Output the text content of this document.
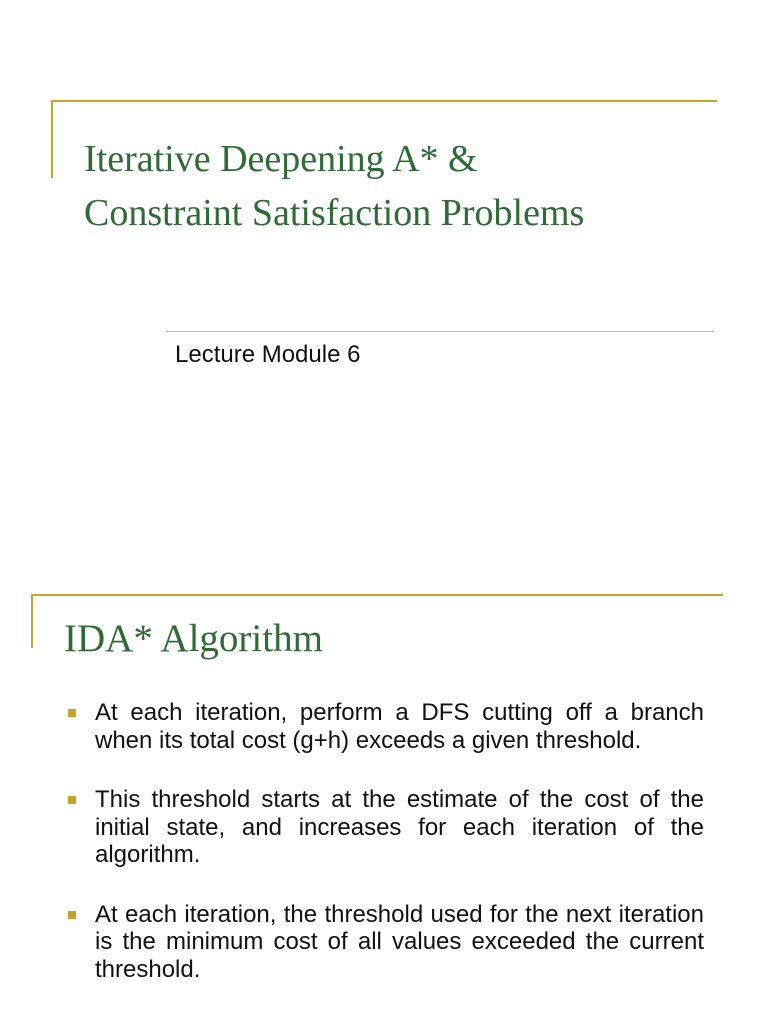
Iterative Deepening A* &
Constraint Satisfaction Problems

Lecture Module 6

IDA* Algorithm
At each iteration, perform a DFS cutting off a branch when its total cost (g+h) exceeds a given threshold.
This threshold starts at the estimate of the cost of the initial state, and increases for each iteration of the algorithm.
At each iteration, the threshold used for the next iteration is the minimum cost of all values exceeded the current threshold.
